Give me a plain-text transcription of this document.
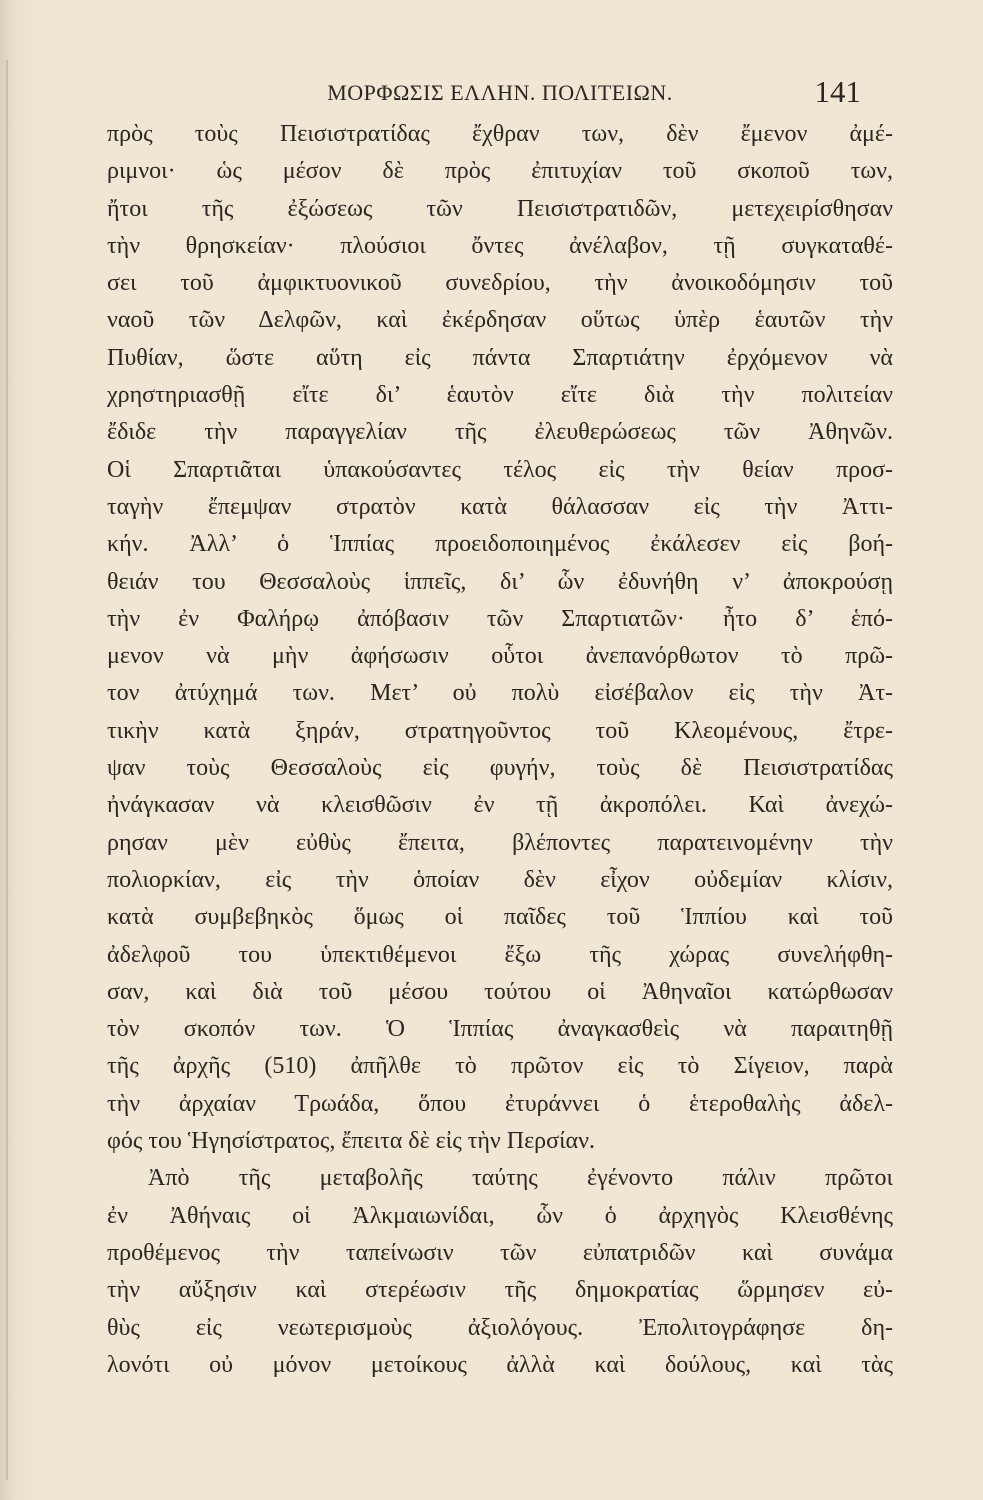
ΜΟΡΦΩΣΙΣ ΕΛΛΗΝ. ΠΟΛΙΤΕΙΩΝ.	141
πρὸς τοὺς Πεισιστρατίδας ἔχθραν των, δὲν ἔμενον ἀμέ-
ριμνοι· ὡς μέσον δὲ πρὸς ἐπιτυχίαν τοῦ σκοποῦ των,
ἤτοι τῆς ἐξώσεως τῶν Πεισιστρατιδῶν, μετεχειρίσθησαν
τὴν θρησκείαν· πλούσιοι ὄντες ἀνέλαβον, τῇ συγκαταθέ-
σει τοῦ ἀμφικτυονικοῦ συνεδρίου, τὴν ἀνοικοδόμησιν τοῦ
ναοῦ τῶν Δελφῶν, καὶ ἐκέρδησαν οὕτως ὑπὲρ ἑαυτῶν τὴν
Πυθίαν, ὥστε αὕτη εἰς πάντα Σπαρτιάτην ἐρχόμενον νὰ
χρηστηριασθῇ εἴτε δι’ ἑαυτὸν εἴτε διὰ τὴν πολιτείαν
ἔδιδε τὴν παραγγελίαν τῆς ἐλευθερώσεως τῶν Ἀθηνῶν.
Οἱ Σπαρτιᾶται ὑπακούσαντες τέλος εἰς τὴν θείαν προσ-
ταγὴν ἔπεμψαν στρατὸν κατὰ θάλασσαν εἰς τὴν Ἀττι-
κήν. Ἀλλ’ ὁ Ἱππίας προειδοποιημένος ἐκάλεσεν εἰς βοή-
θειάν του Θεσσαλοὺς ἱππεῖς, δι’ ὧν ἐδυνήθη ν’ ἀποκρούσῃ
τὴν ἐν Φαλήρῳ ἀπόβασιν τῶν Σπαρτιατῶν· ἦτο δ’ ἑπό-
μενον νὰ μὴν ἀφήσωσιν οὗτοι ἀνεπανόρθωτον τὸ πρῶ-
τον ἀτύχημά των. Μετ’ οὐ πολὺ εἰσέβαλον εἰς τὴν Ἀτ-
τικὴν κατὰ ξηράν, στρατηγοῦντος τοῦ Κλεομένους, ἔτρε-
ψαν τοὺς Θεσσαλοὺς εἰς φυγήν, τοὺς δὲ Πεισιστρατίδας
ἠνάγκασαν νὰ κλεισθῶσιν ἐν τῇ ἀκροπόλει. Καὶ ἀνεχώ-
ρησαν μὲν εὐθὺς ἔπειτα, βλέποντες παρατεινομένην τὴν
πολιορκίαν, εἰς τὴν ὁποίαν δὲν εἶχον οὐδεμίαν κλίσιν,
κατὰ συμβεβηκὸς ὅμως οἱ παῖδες τοῦ Ἱππίου καὶ τοῦ
ἀδελφοῦ του ὑπεκτιθέμενοι ἔξω τῆς χώρας συνελήφθη-
σαν, καὶ διὰ τοῦ μέσου τούτου οἱ Ἀθηναῖοι κατώρθωσαν
τὸν σκοπόν των. Ὁ Ἱππίας ἀναγκασθεὶς νὰ παραιτηθῇ
τῆς ἀρχῆς (510) ἀπῆλθε τὸ πρῶτον εἰς τὸ Σίγειον, παρὰ
τὴν ἀρχαίαν Τρωάδα, ὅπου ἐτυράννει ὁ ἑτεροθαλὴς ἀδελ-
φός του Ἡγησίστρατος, ἔπειτα δὲ εἰς τὴν Περσίαν.
Ἀπὸ τῆς μεταβολῆς ταύτης ἐγένοντο πάλιν πρῶτοι
ἐν Ἀθήναις οἱ Ἀλκμαιωνίδαι, ὧν ὁ ἀρχηγὸς Κλεισθένης
προθέμενος τὴν ταπείνωσιν τῶν εὐπατριδῶν καὶ συνάμα
τὴν αὔξησιν καὶ στερέωσιν τῆς δημοκρατίας ὥρμησεν εὐ-
θὺς εἰς νεωτερισμοὺς ἀξιολόγους. Ἐπολιτογράφησε δη-
λονότι οὐ μόνον μετοίκους ἀλλὰ καὶ δούλους, καὶ τὰς
